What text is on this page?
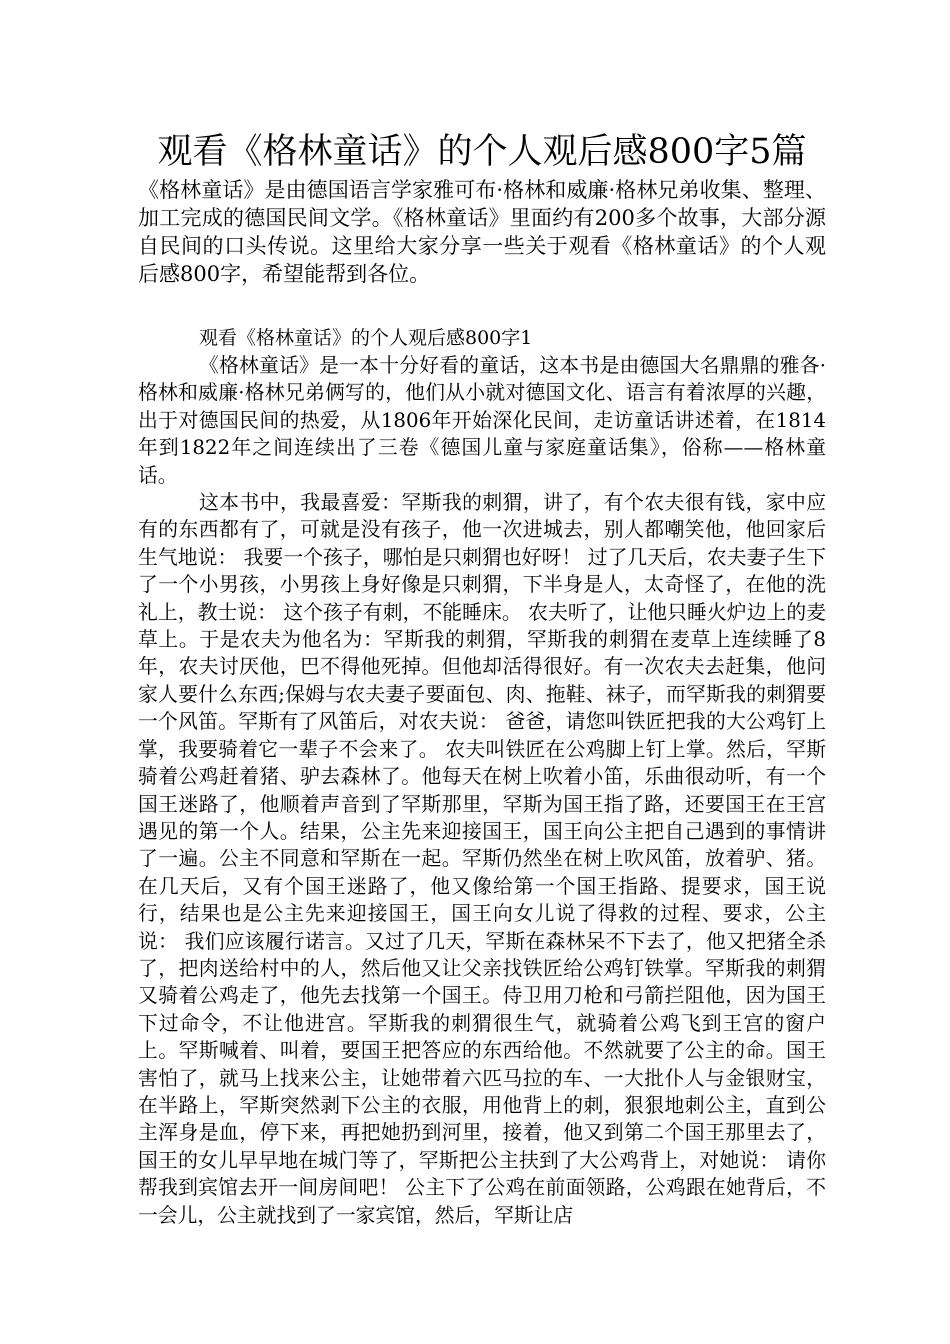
观看《格林童话》的个人观后感800字5篇

《格林童话》是由德国语言学家雅可布·格林和威廉·格林兄弟收集、整理、加工完成的德国民间文学。《格林童话》里面约有200多个故事，大部分源自民间的口头传说。这里给大家分享一些关于观看《格林童话》的个人观后感800字，希望能帮到各位。

观看《格林童话》的个人观后感800字1

《格林童话》是一本十分好看的童话，这本书是由德国大名鼎鼎的雅各·格林和威廉·格林兄弟俩写的，他们从小就对德国文化、语言有着浓厚的兴趣，出于对德国民间的热爱，从1806年开始深化民间，走访童话讲述着，在1814年到1822年之间连续出了三卷《德国儿童与家庭童话集》，俗称——格林童话。

这本书中，我最喜爱：罕斯我的刺猬，讲了，有个农夫很有钱，家中应有的东西都有了，可就是没有孩子，他一次进城去，别人都嘲笑他，他回家后生气地说： 我要一个孩子，哪怕是只刺猬也好呀！ 过了几天后，农夫妻子生下了一个小男孩，小男孩上身好像是只刺猬，下半身是人，太奇怪了，在他的洗礼上，教士说： 这个孩子有刺，不能睡床。 农夫听了，让他只睡火炉边上的麦草上。于是农夫为他名为：罕斯我的刺猬，罕斯我的刺猬在麦草上连续睡了8年，农夫讨厌他，巴不得他死掉。但他却活得很好。有一次农夫去赶集，他问家人要什么东西;保姆与农夫妻子要面包、肉、拖鞋、袜子，而罕斯我的刺猬要一个风笛。罕斯有了风笛后，对农夫说： 爸爸，请您叫铁匠把我的大公鸡钉上掌，我要骑着它一辈子不会来了。 农夫叫铁匠在公鸡脚上钉上掌。然后，罕斯骑着公鸡赶着猪、驴去森林了。他每天在树上吹着小笛，乐曲很动听，有一个国王迷路了，他顺着声音到了罕斯那里，罕斯为国王指了路，还要国王在王宫遇见的第一个人。结果，公主先来迎接国王，国王向公主把自己遇到的事情讲了一遍。公主不同意和罕斯在一起。罕斯仍然坐在树上吹风笛，放着驴、猪。在几天后，又有个国王迷路了，他又像给第一个国王指路、提要求，国王说行，结果也是公主先来迎接国王，国王向女儿说了得救的过程、要求，公主说： 我们应该履行诺言。又过了几天，罕斯在森林呆不下去了，他又把猪全杀了，把肉送给村中的人，然后他又让父亲找铁匠给公鸡钉铁掌。罕斯我的刺猬又骑着公鸡走了，他先去找第一个国王。侍卫用刀枪和弓箭拦阻他，因为国王下过命令，不让他进宫。罕斯我的刺猬很生气，就骑着公鸡飞到王宫的窗户上。罕斯喊着、叫着，要国王把答应的东西给他。不然就要了公主的命。国王害怕了，就马上找来公主，让她带着六匹马拉的车、一大批仆人与金银财宝，在半路上，罕斯突然剥下公主的衣服，用他背上的刺，狠狠地刺公主，直到公主浑身是血，停下来，再把她扔到河里，接着，他又到第二个国王那里去了，国王的女儿早早地在城门等了，罕斯把公主扶到了大公鸡背上，对她说： 请你帮我到宾馆去开一间房间吧！ 公主下了公鸡在前面领路，公鸡跟在她背后，不一会儿，公主就找到了一家宾馆，然后，罕斯让店
